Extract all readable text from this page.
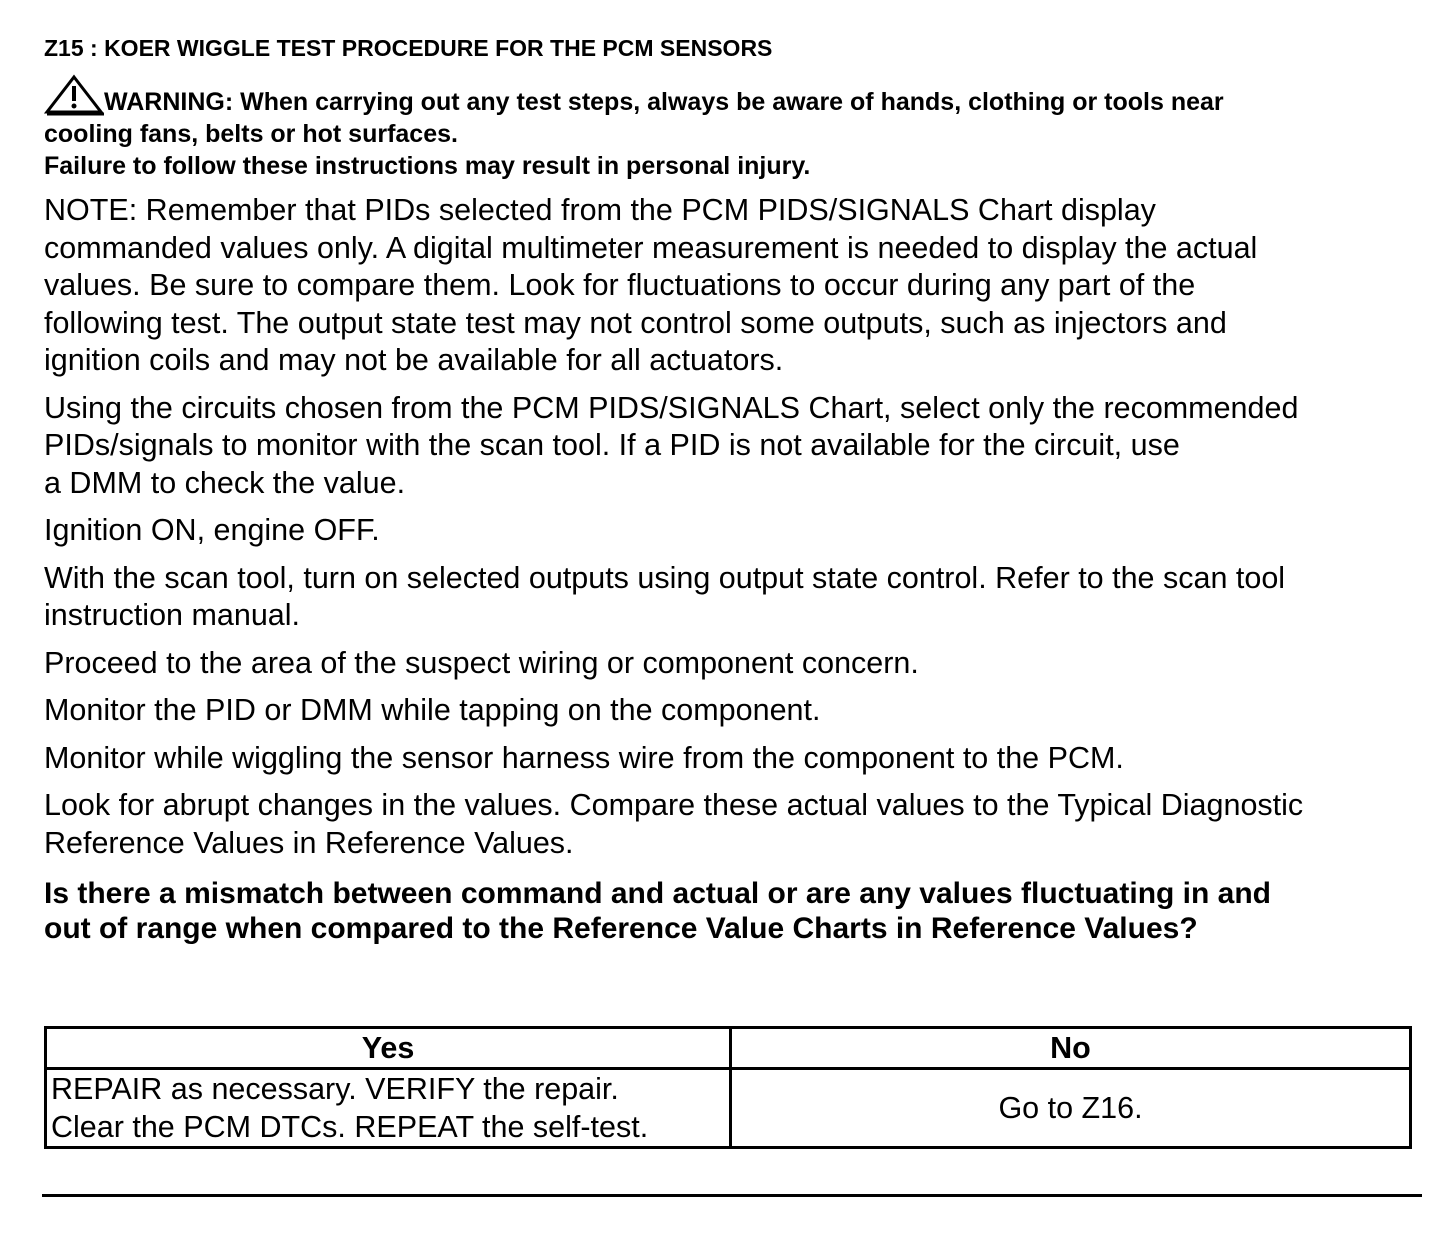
Z15 : KOER WIGGLE TEST PROCEDURE FOR THE PCM SENSORS
WARNING: When carrying out any test steps, always be aware of hands, clothing or tools near
cooling fans, belts or hot surfaces.
Failure to follow these instructions may result in personal injury.
NOTE: Remember that PIDs selected from the PCM PIDS/SIGNALS Chart display
commanded values only. A digital multimeter measurement is needed to display the actual
values. Be sure to compare them. Look for fluctuations to occur during any part of the
following test. The output state test may not control some outputs, such as injectors and
ignition coils and may not be available for all actuators.
Using the circuits chosen from the PCM PIDS/SIGNALS Chart, select only the recommended
PIDs/signals to monitor with the scan tool. If a PID is not available for the circuit, use
a DMM to check the value.
Ignition ON, engine OFF.
With the scan tool, turn on selected outputs using output state control. Refer to the scan tool
instruction manual.
Proceed to the area of the suspect wiring or component concern.
Monitor the PID or DMM while tapping on the component.
Monitor while wiggling the sensor harness wire from the component to the PCM.
Look for abrupt changes in the values. Compare these actual values to the Typical Diagnostic
Reference Values in Reference Values.
Is there a mismatch between command and actual or are any values fluctuating in and
out of range when compared to the Reference Value Charts in Reference Values?
Yes	No

REPAIR as necessary. VERIFY the repair.
Clear the PCM DTCs. REPEAT the self-test.	Go to Z16.
